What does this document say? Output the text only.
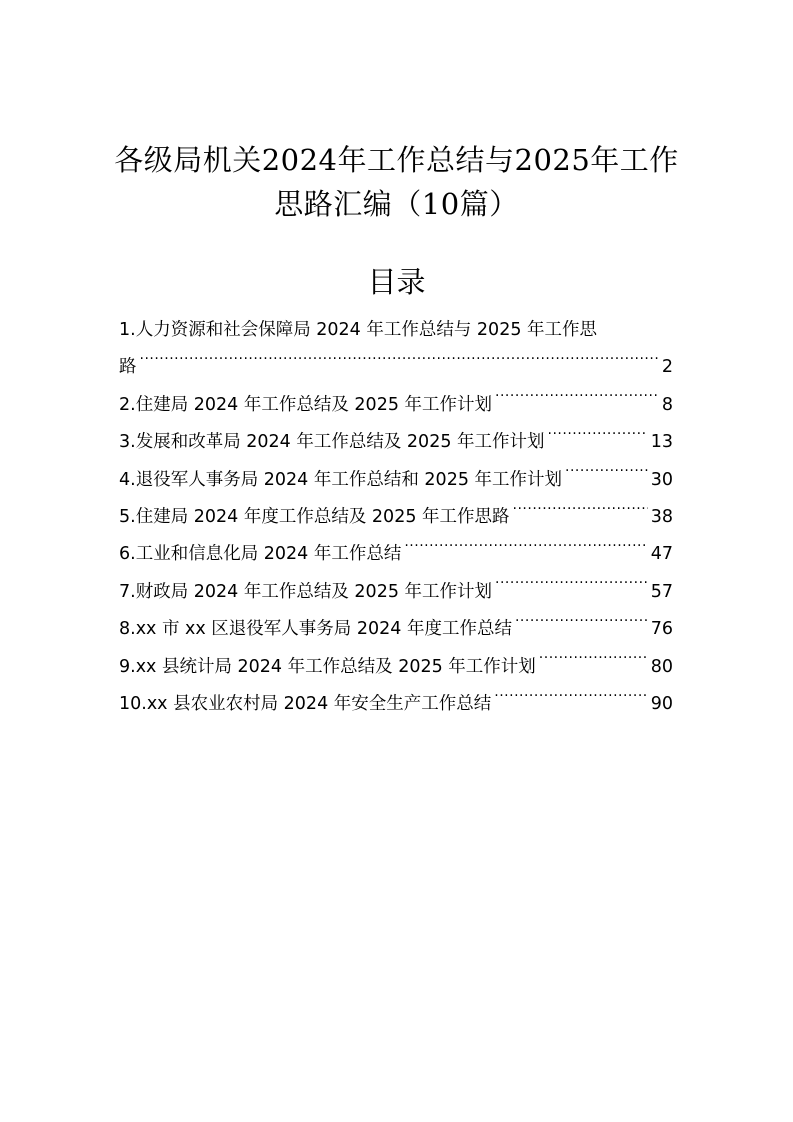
各级局机关2024年工作总结与2025年工作
思路汇编（10篇）
目录
1.人力资源和社会保障局 2024 年工作总结与 2025 年工作思
路 .....	2
2.住建局 2024 年工作总结及 2025 年工作计划 .....	8
3.发展和改革局 2024 年工作总结及 2025 年工作计划 .....	13
4.退役军人事务局 2024 年工作总结和 2025 年工作计划 .....	30
5.住建局 2024 年度工作总结及 2025 年工作思路 .....	38
6.工业和信息化局 2024 年工作总结 .....	47
7.财政局 2024 年工作总结及 2025 年工作计划 .....	57
8.xx 市 xx 区退役军人事务局 2024 年度工作总结 .....	76
9.xx 县统计局 2024 年工作总结及 2025 年工作计划 .....	80
10.xx 县农业农村局 2024 年安全生产工作总结 .....	90
